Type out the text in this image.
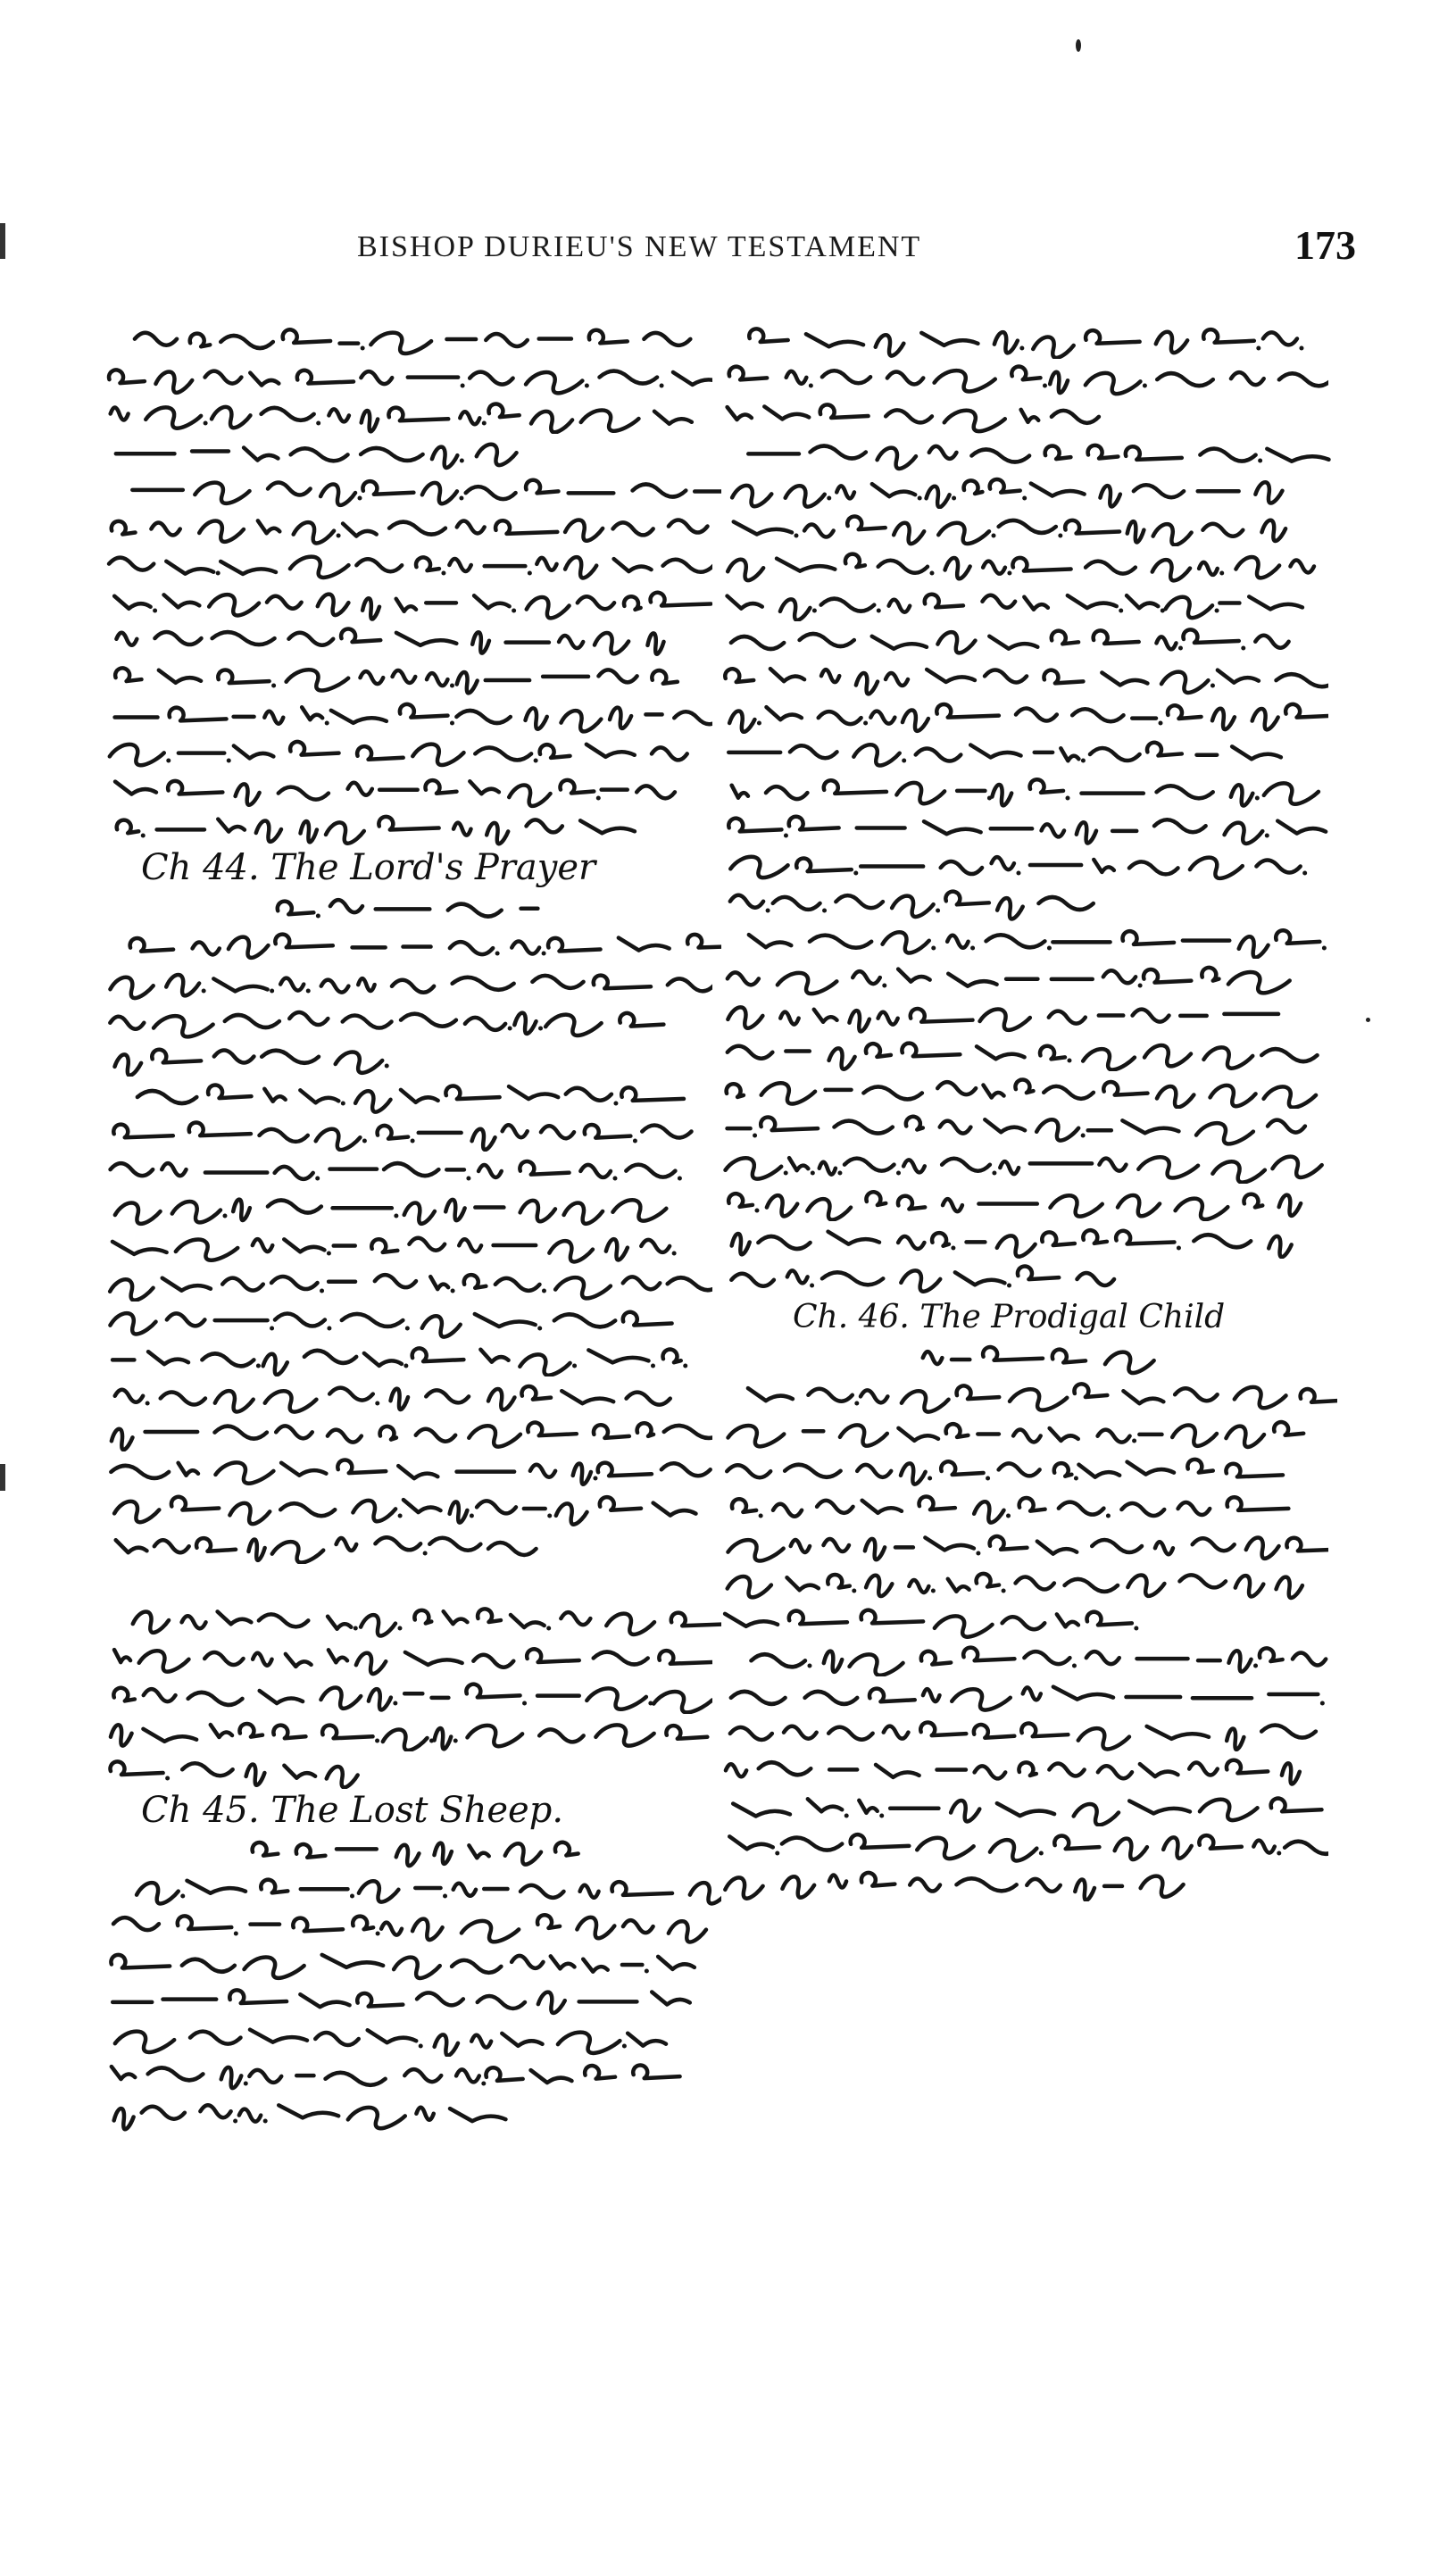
BISHOP DURIEU'S NEW TESTAMENT	173
Ch 44. The Lord's Prayer
Ch 45. The Lost Sheep.
Ch. 46. The Prodigal Child
